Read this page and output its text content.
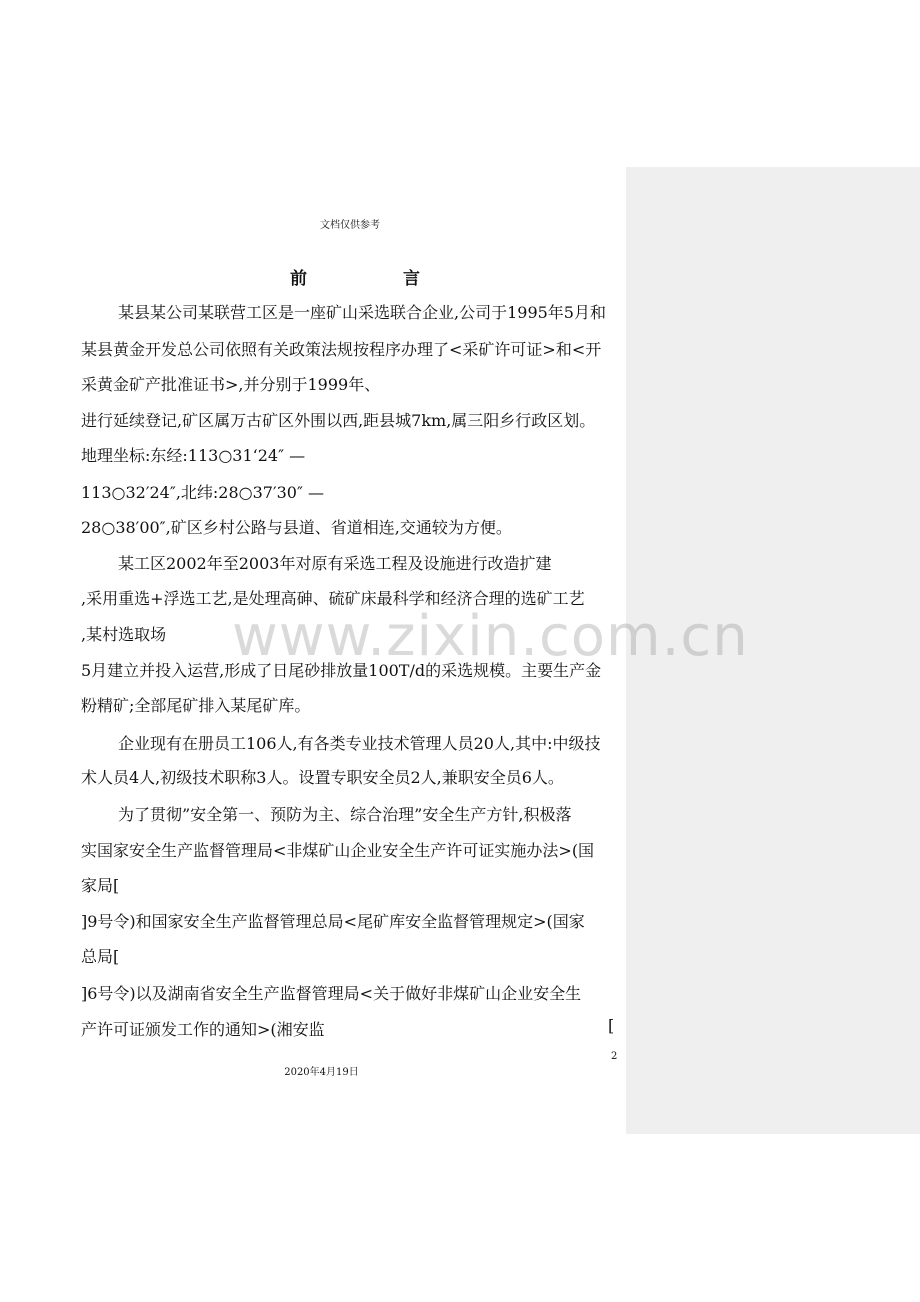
文档仅供参考
前	言
某县某公司某联营工区是一座矿山采选联合企业,公司于1995年5月和
某县黄金开发总公司依照有关政策法规按程序办理了<采矿许可证>和<开
采黄金矿产批准证书>,并分别于1999年、
进行延续登记,矿区属万古矿区外围以西,距县城7km,属三阳乡行政区划。
地理坐标:东经:113○31‘24″ —
113○32′24″,北纬:28○37′30″ —
28○38′00″,矿区乡村公路与县道、省道相连,交通较为方便。
某工区2002年至2003年对原有采选工程及设施进行改造扩建
,采用重选+浮选工艺,是处理高砷、硫矿床最科学和经济合理的选矿工艺
,某村选取场
5月建立并投入运营,形成了日尾砂排放量100T/d的采选规模。主要生产金
粉精矿;全部尾矿排入某尾矿库。
企业现有在册员工106人,有各类专业技术管理人员20人,其中:中级技
术人员4人,初级技术职称3人。设置专职安全员2人,兼职安全员6人。
为了贯彻”安全第一、预防为主、综合治理”安全生产方针,积极落
实国家安全生产监督管理局<非煤矿山企业安全生产许可证实施办法>(国
家局[
]9号令)和国家安全生产监督管理总局<尾矿库安全监督管理规定>(国家
总局[
]6号令)以及湖南省安全生产监督管理局<关于做好非煤矿山企业安全生
产许可证颁发工作的通知>(湘安监	[
2
2020年4月19日
www.zixin.com.cn
